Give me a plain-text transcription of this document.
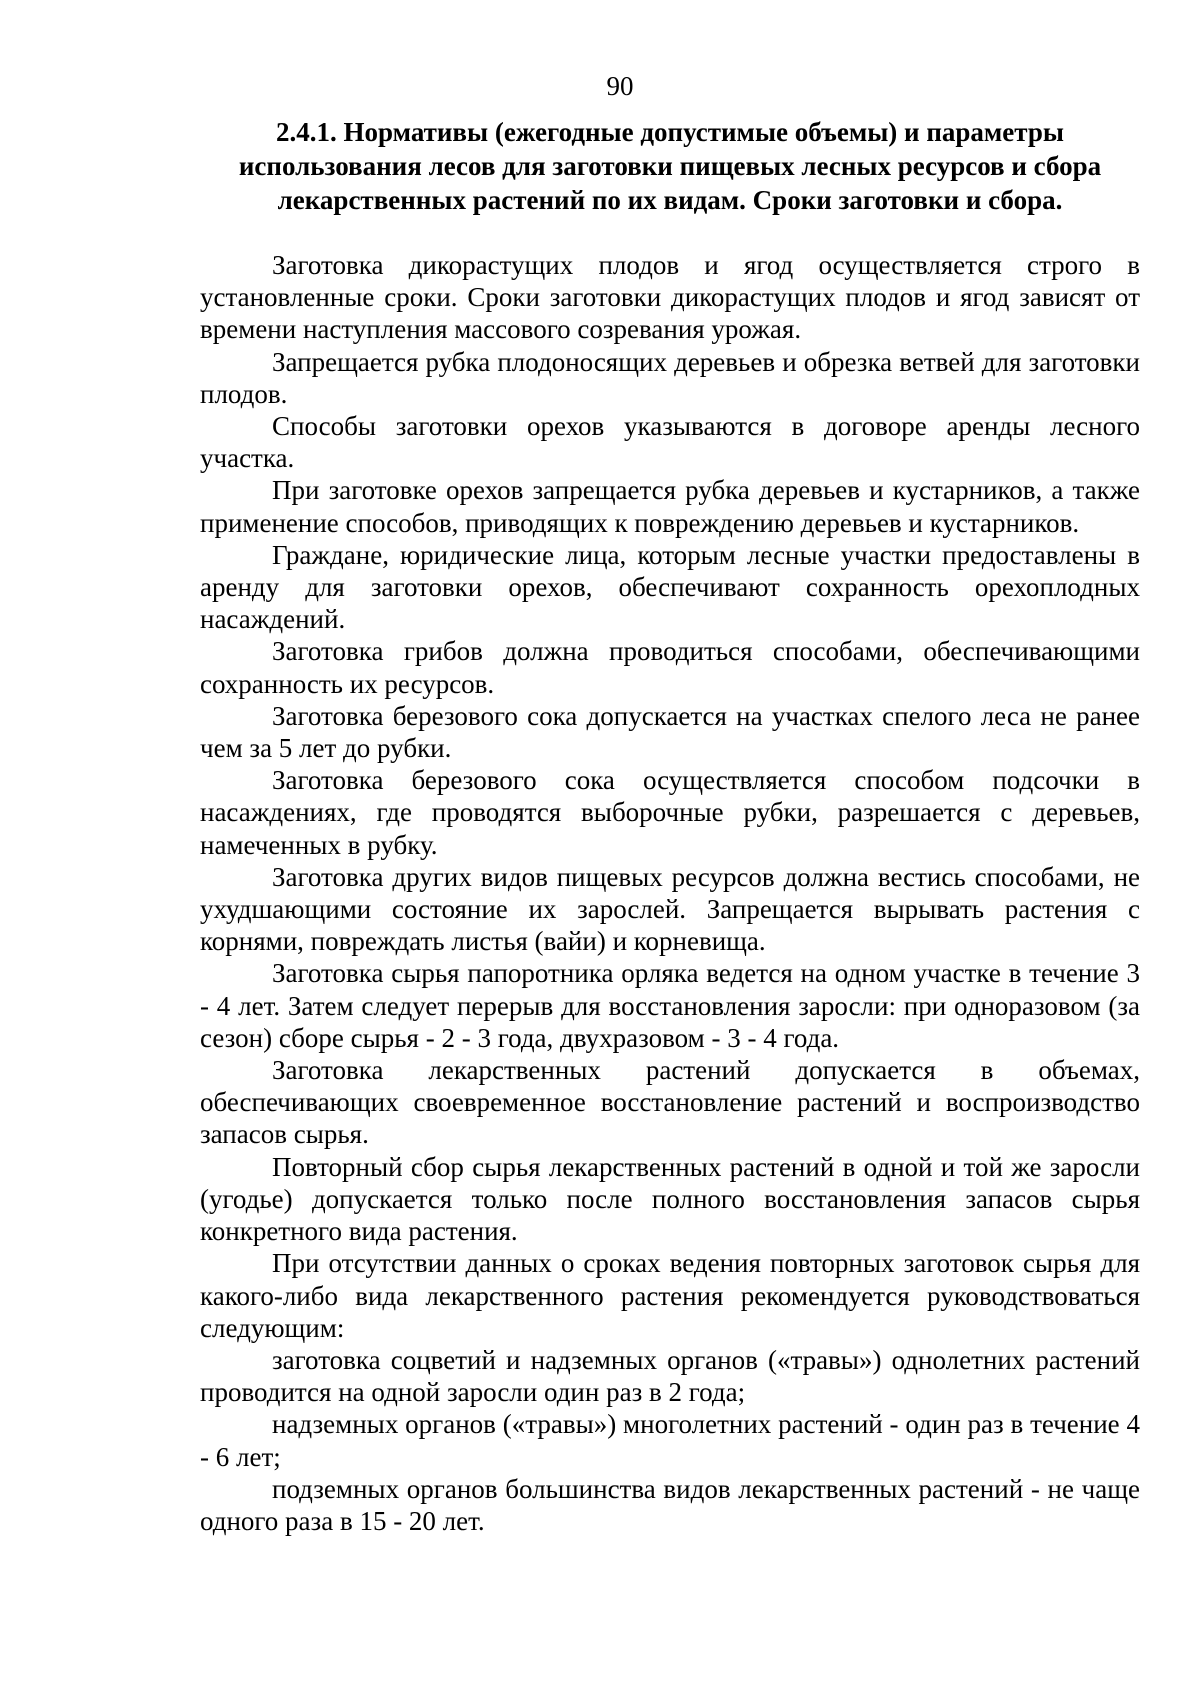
90
2.4.1. Нормативы (ежегодные допустимые объемы) и параметры
использования лесов для заготовки пищевых лесных ресурсов и сбора
лекарственных растений по их видам. Сроки заготовки и сбора.

Заготовка дикорастущих плодов и ягод осуществляется строго в установленные сроки. Сроки заготовки дикорастущих плодов и ягод зависят от времени наступления массового созревания урожая.

Запрещается рубка плодоносящих деревьев и обрезка ветвей для заготовки плодов.

Способы заготовки орехов указываются в договоре аренды лесного участка.

При заготовке орехов запрещается рубка деревьев и кустарников, а также применение способов, приводящих к повреждению деревьев и кустарников.

Граждане, юридические лица, которым лесные участки предоставлены в аренду для заготовки орехов, обеспечивают сохранность орехоплодных насаждений.

Заготовка грибов должна проводиться способами, обеспечивающими сохранность их ресурсов.

Заготовка березового сока допускается на участках спелого леса не ранее чем за 5 лет до рубки.

Заготовка березового сока осуществляется способом подсочки в насаждениях, где проводятся выборочные рубки, разрешается с деревьев, намеченных в рубку.

Заготовка других видов пищевых ресурсов должна вестись способами, не ухудшающими состояние их зарослей. Запрещается вырывать растения с корнями, повреждать листья (вайи) и корневища.

Заготовка сырья папоротника орляка ведется на одном участке в течение 3 - 4 лет. Затем следует перерыв для восстановления заросли: при одноразовом (за сезон) сборе сырья - 2 - 3 года, двухразовом - 3 - 4 года.

Заготовка лекарственных растений допускается в объемах, обеспечивающих своевременное восстановление растений и воспроизводство запасов сырья.

Повторный сбор сырья лекарственных растений в одной и той же заросли (угодье) допускается только после полного восстановления запасов сырья конкретного вида растения.

При отсутствии данных о сроках ведения повторных заготовок сырья для какого-либо вида лекарственного растения рекомендуется руководствоваться следующим:

заготовка соцветий и надземных органов («травы») однолетних растений проводится на одной заросли один раз в 2 года;

надземных органов («травы») многолетних растений - один раз в течение 4 - 6 лет;

подземных органов большинства видов лекарственных растений - не чаще одного раза в 15 - 20 лет.
